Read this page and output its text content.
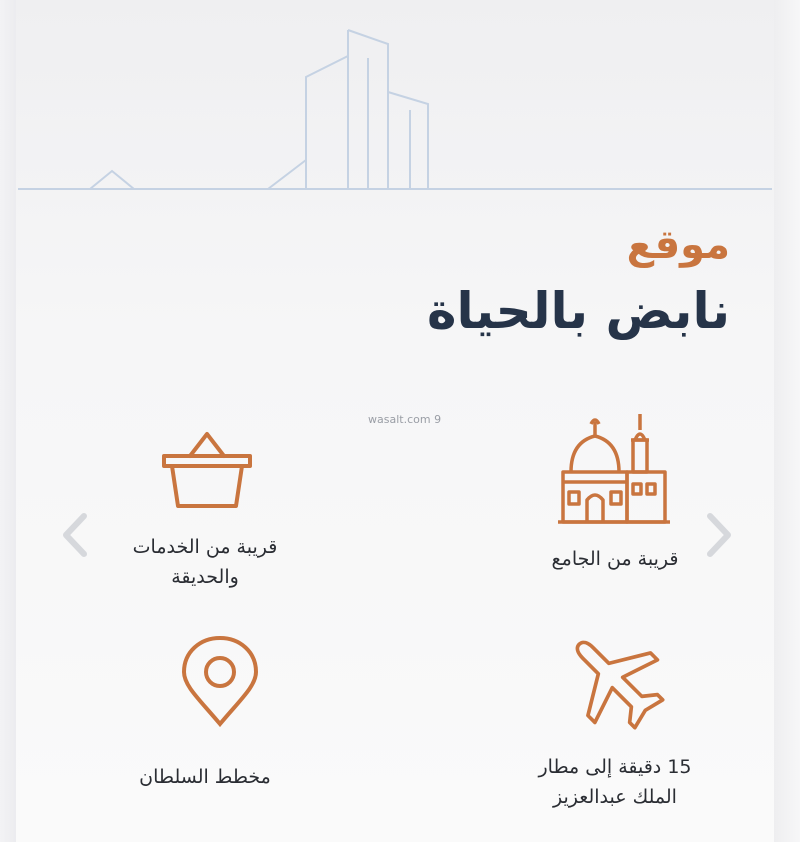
موقع
نابض بالحياة
wasalt.com 9
قريبة من الجامع
قريبة من الخدمات
والحديقة
15 دقيقة إلى مطار
الملك عبدالعزيز
مخطط السلطان
